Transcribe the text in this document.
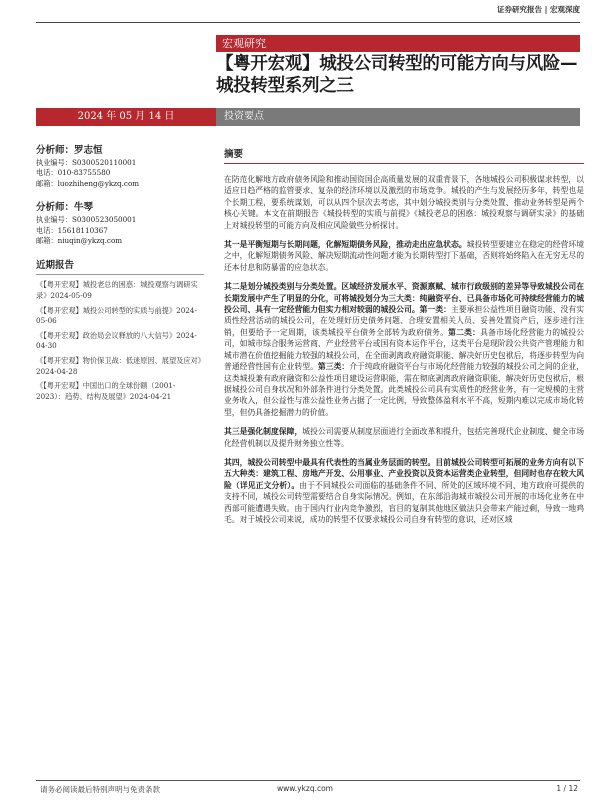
证券研究报告 | 宏观深度
宏观研究
【粤开宏观】城投公司转型的可能方向与风险—城投转型系列之三
2024 年 05 月 14 日	投资要点
分析师：罗志恒
执业编号：S0300520110001
电话：010-83755580
邮箱：luozhiheng@ykzq.com
分析师：牛琴
执业编号：S0300523050001
电话：15618110367
邮箱：niuqin@ykzq.com
近期报告
《【粤开宏观】城投老总的困惑：城投观察与调研实录》2024-05-09
《【粤开宏观】城投公司转型的实质与前提》2024-05-06
《【粤开宏观】政治局会议释放的八大信号》2024-04-30
《【粤开宏观】物价保卫战：低迷原因、展望及应对》2024-04-28
《【粤开宏观】中国出口的全球份额（2001-2023）：趋势、结构及展望》2024-04-21
摘要

在防范化解地方政府债务风险和推动国资国企高质量发展的双重背景下，各地城投公司积极谋求转型，以适应日趋严格的监管要求、复杂的经济环境以及激烈的市场竞争。城投的产生与发展经历多年，转型也是个长期工程，要系统谋划，可以从四个层次去考虑，其中划分城投类别与分类处置、推动业务转型是两个核心关键。本文在前期报告《城投转型的实质与前提》《城投老总的困惑：城投观察与调研实录》的基础上对城投转型的可能方向及相应风险做些分析探讨。

其一是平衡短期与长期问题，化解短期债务风险，推动走出应急状态。城投转型要建立在稳定的经营环境之中，化解短期债务风险、解决短期流动性问题才能为长期转型打下基础，否则将始终陷入在无穷无尽的还本付息和防暴雷的应急状态。

其二是划分城投类别与分类处置。区域经济发展水平、资源禀赋、城市行政级别的差异等导致城投公司在长期发展中产生了明显的分化，可将城投划分为三大类：纯融资平台、已具备市场化可持续经营能力的城投公司、具有一定经营能力但实力相对较弱的城投公司。第一类：主要承担公益性项目融资功能、没有实质性经营活动的城投公司，在处理好历史债务问题、合理安置相关人员、妥善处置资产后，逐步进行注销，但要给予一定周期，该类城投平台债务全部转为政府债务。第二类：具备市场化经营能力的城投公司，如城市综合服务运营商、产业经营平台或国有资本运作平台，这类平台是现阶段公共资产管理能力和城市潜在价值挖掘能力较强的城投公司，在全面剥离政府融资职能、解决好历史包袱后，将逐步转型为向普通经营性国有企业转型。第三类：介于纯政府融资平台与市场化经营能力较强的城投公司之间的企业，这类城投兼有政府融资和公益性项目建设运营职能，需在彻底剥离政府融资职能、解决好历史包袱后，根据城投公司自身状况和外部条件进行分类处置。此类城投公司具有实质性的经营业务，有一定规模的主营业务收入，但公益性与准公益性业务占据了一定比例，导致整体盈利水平不高，短期内难以完成市场化转型，但仍具备挖掘潜力的价值。

其三是强化制度保障，城投公司需要从制度层面进行全面改革和提升，包括完善现代企业制度、健全市场化经营机制以及提升财务独立性等。

其四，城投公司转型中最具有代表性的当属业务层面的转型。目前城投公司转型可拓展的业务方向有以下五大种类：建筑工程、房地产开发、公用事业、产业投资以及资本运营类企业转型，但同时也存在较大风险（详见正文分析）。由于不同城投公司面临的基础条件不同、所处的区域环境不同、地方政府可提供的支持不同，城投公司转型需要结合自身实际情况。例如，在东部沿海城市城投公司开展的市场化业务在中西部可能遭遇失败。由于国内行业内竞争激烈，盲目的复制其他地区做法只会带来产能过剩，导致一地鸡毛。对于城投公司来说，成功的转型不仅要求城投公司自身有转型的意识，还对区域

请务必阅读最后特别声明与免责条款	www.ykzq.com	1 / 12
